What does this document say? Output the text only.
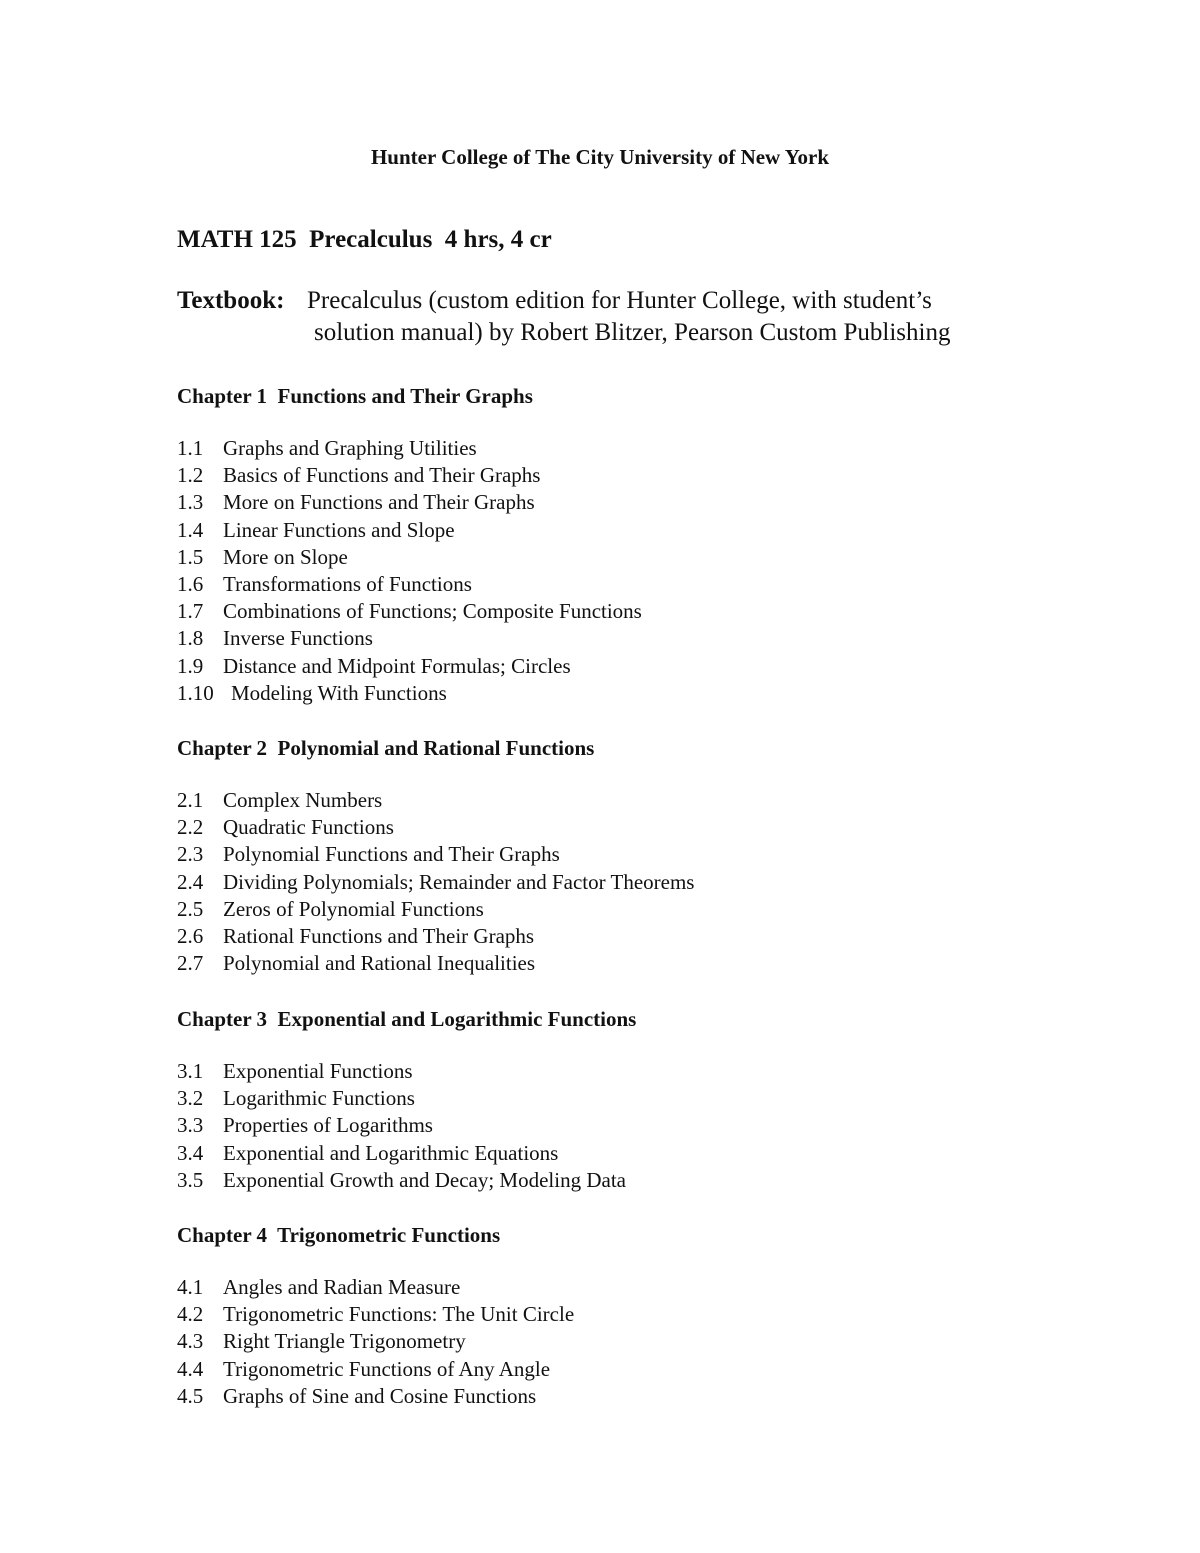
Hunter College of The City University of New York
MATH 125  Precalculus  4 hrs, 4 cr
Textbook: Precalculus (custom edition for Hunter College, with student’s
solution manual) by Robert Blitzer, Pearson Custom Publishing
Chapter 1  Functions and Their Graphs
1.1 Graphs and Graphing Utilities
1.2 Basics of Functions and Their Graphs
1.3 More on Functions and Their Graphs
1.4 Linear Functions and Slope
1.5 More on Slope
1.6 Transformations of Functions
1.7 Combinations of Functions; Composite Functions
1.8 Inverse Functions
1.9 Distance and Midpoint Formulas; Circles
1.10 Modeling With Functions
Chapter 2  Polynomial and Rational Functions
2.1 Complex Numbers
2.2 Quadratic Functions
2.3 Polynomial Functions and Their Graphs
2.4 Dividing Polynomials; Remainder and Factor Theorems
2.5 Zeros of Polynomial Functions
2.6 Rational Functions and Their Graphs
2.7 Polynomial and Rational Inequalities
Chapter 3  Exponential and Logarithmic Functions
3.1 Exponential Functions
3.2 Logarithmic Functions
3.3 Properties of Logarithms
3.4 Exponential and Logarithmic Equations
3.5 Exponential Growth and Decay; Modeling Data
Chapter 4  Trigonometric Functions
4.1 Angles and Radian Measure
4.2 Trigonometric Functions: The Unit Circle
4.3 Right Triangle Trigonometry
4.4 Trigonometric Functions of Any Angle
4.5 Graphs of Sine and Cosine Functions
